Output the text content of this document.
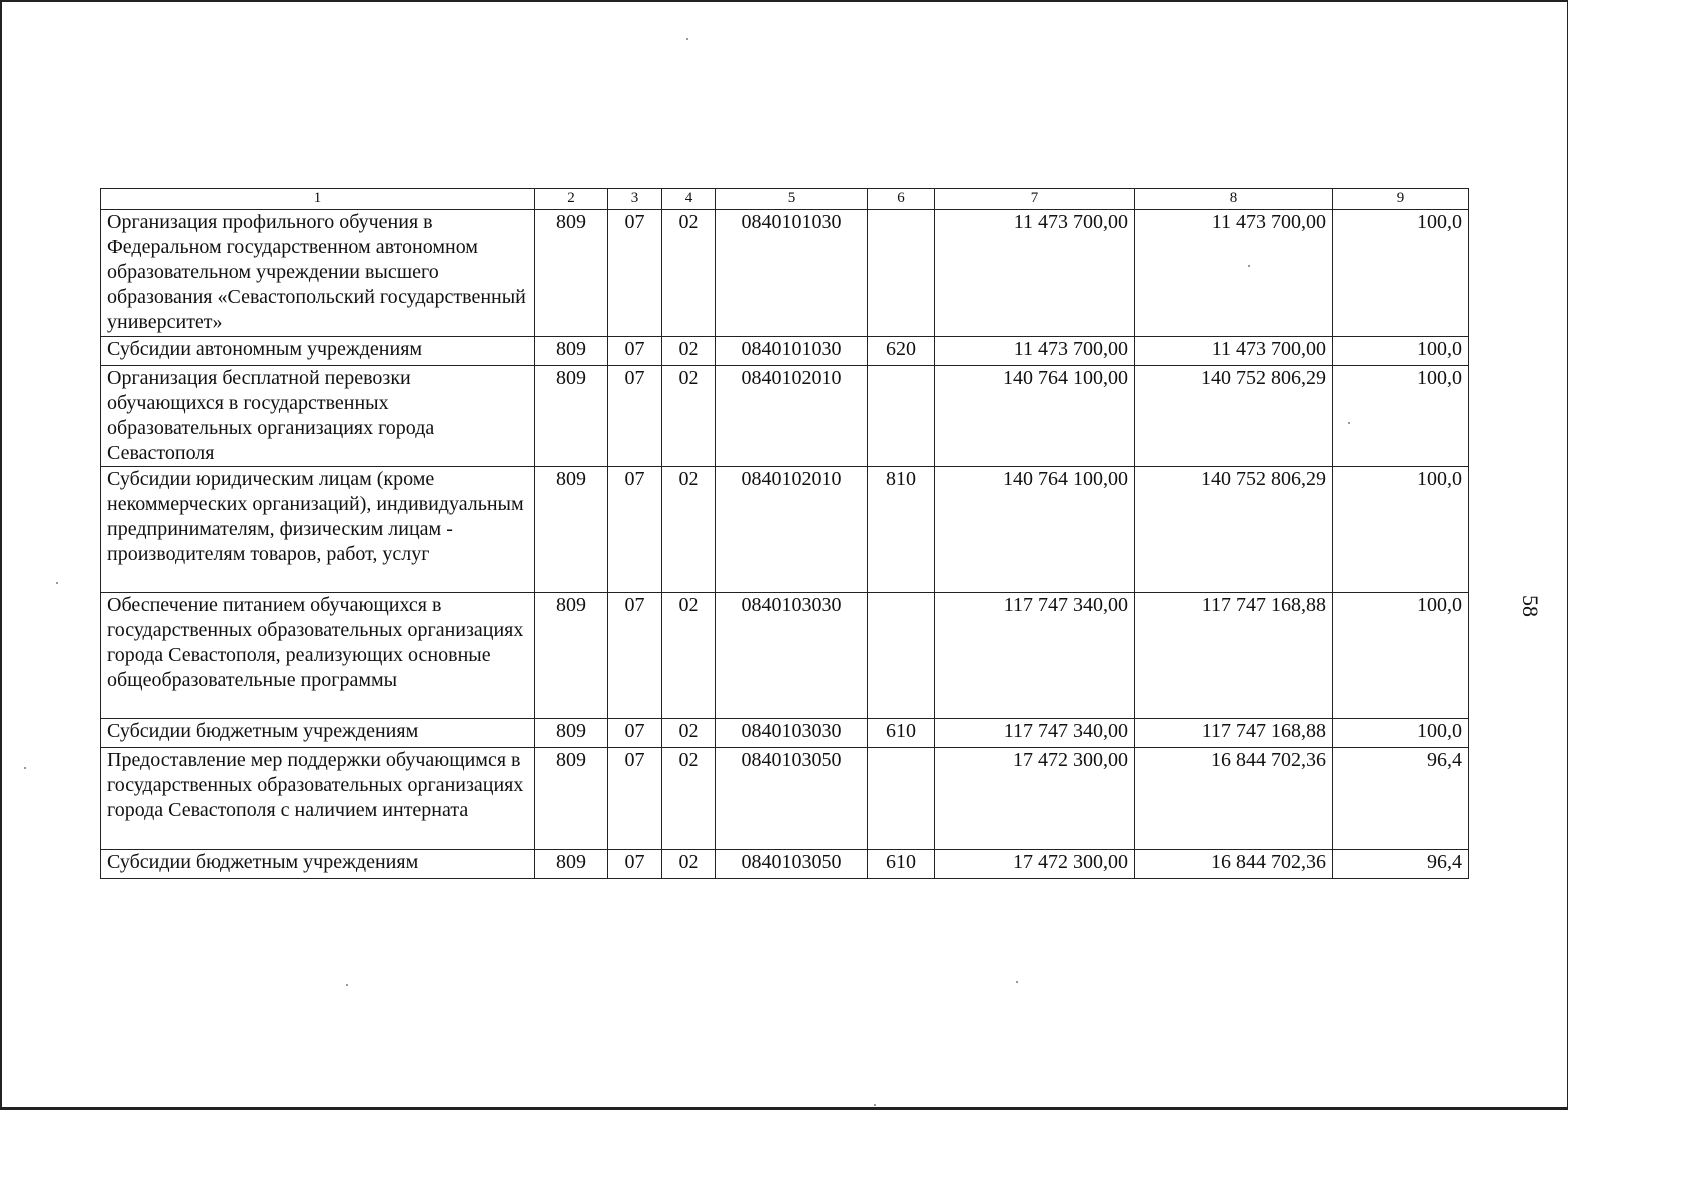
1	2	3	4	5	6	7	8	9
Организация профильного обучения в Федеральном государственном автономном образовательном учреждении высшего образования «Севастопольский государственный университет»	809	07	02	0840101030		11 473 700,00	11 473 700,00	100,0
Субсидии автономным учреждениям	809	07	02	0840101030	620	11 473 700,00	11 473 700,00	100,0
Организация бесплатной перевозки обучающихся в государственных образовательных организациях города Севастополя	809	07	02	0840102010		140 764 100,00	140 752 806,29	100,0
Субсидии юридическим лицам (кроме некоммерческих организаций), индивидуальным предпринимателям, физическим лицам - производителям товаров, работ, услуг	809	07	02	0840102010	810	140 764 100,00	140 752 806,29	100,0
Обеспечение питанием обучающихся в государственных образовательных организациях города Севастополя, реализующих основные общеобразовательные программы	809	07	02	0840103030		117 747 340,00	117 747 168,88	100,0
Субсидии бюджетным учреждениям	809	07	02	0840103030	610	117 747 340,00	117 747 168,88	100,0
Предоставление мер поддержки обучающимся в государственных образовательных организациях города Севастополя с наличием интерната	809	07	02	0840103050		17 472 300,00	16 844 702,36	96,4
Субсидии бюджетным учреждениям	809	07	02	0840103050	610	17 472 300,00	16 844 702,36	96,4
58
